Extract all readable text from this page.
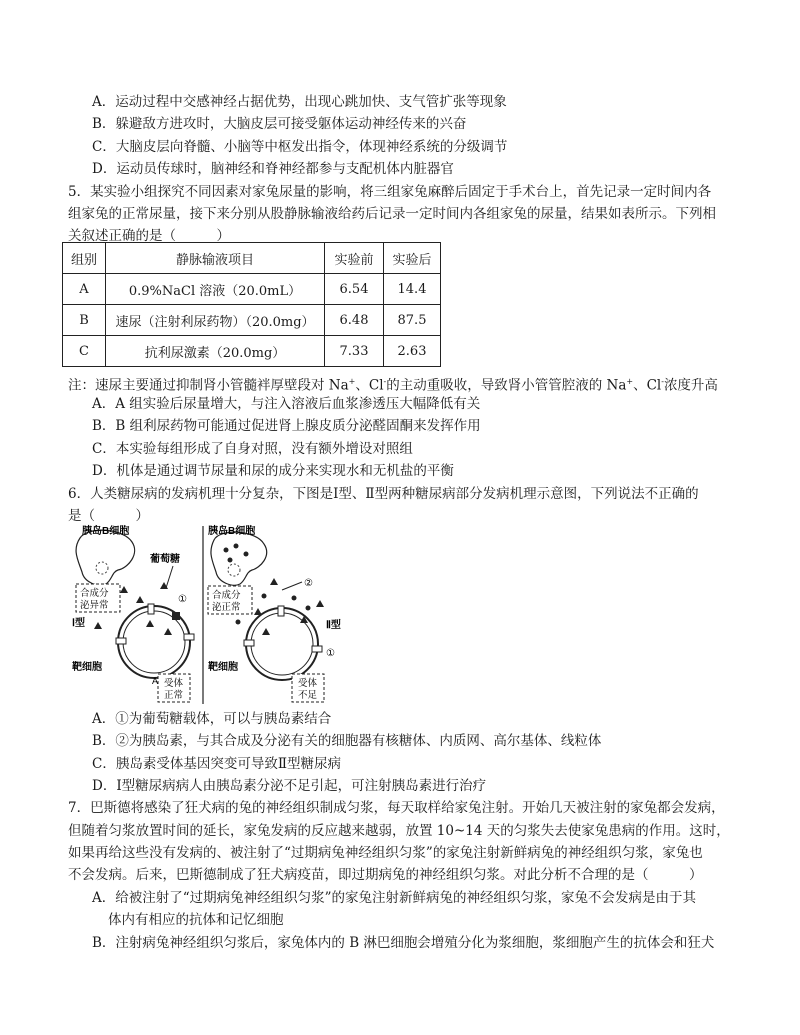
A．运动过程中交感神经占据优势，出现心跳加快、支气管扩张等现象
B．躲避敌方进攻时，大脑皮层可接受躯体运动神经传来的兴奋
C．大脑皮层向脊髓、小脑等中枢发出指令，体现神经系统的分级调节
D．运动员传球时，脑神经和脊神经都参与支配机体内脏器官
5．某实验小组探究不同因素对家兔尿量的影响，将三组家兔麻醉后固定于手术台上，首先记录一定时间内各
组家兔的正常尿量，接下来分别从股静脉输液给药后记录一定时间内各组家兔的尿量，结果如表所示。下列相
关叙述正确的是（　　　）
组别	静脉输液项目	实验前	实验后
A	0.9%NaCl 溶液（20.0mL）	6.54	14.4
B	速尿（注射利尿药物）（20.0mg）	6.48	87.5
C	抗利尿激素（20.0mg）	7.33	2.63
注：速尿主要通过抑制肾小管髓袢厚壁段对 Na+、Cl-的主动重吸收，导致肾小管管腔液的 Na+、Cl-浓度升高
A．A 组实验后尿量增大，与注入溶液后血浆渗透压大幅降低有关
B．B 组利尿药物可能通过促进肾上腺皮质分泌醛固酮来发挥作用
C．本实验每组形成了自身对照，没有额外增设对照组
D．机体是通过调节尿量和尿的成分来实现水和无机盐的平衡
6．人类糖尿病的发病机理十分复杂，下图是Ⅰ型、Ⅱ型两种糖尿病部分发病机理示意图，下列说法不正确的
是（　　　）
胰岛B细胞
葡萄糖
合成分
泌异常
Ⅰ型
①
A
靶细胞
受体
正常
胰岛B细胞
②
合成分
泌正常
Ⅱ型
①
靶细胞
受体
不足
A．①为葡萄糖载体，可以与胰岛素结合
B．②为胰岛素，与其合成及分泌有关的细胞器有核糖体、内质网、高尔基体、线粒体
C．胰岛素受体基因突变可导致Ⅱ型糖尿病
D．Ⅰ型糖尿病病人由胰岛素分泌不足引起，可注射胰岛素进行治疗
7．巴斯德将感染了狂犬病的兔的神经组织制成匀浆，每天取样给家兔注射。开始几天被注射的家兔都会发病，
但随着匀浆放置时间的延长，家兔发病的反应越来越弱，放置 10~14 天的匀浆失去使家兔患病的作用。这时，
如果再给这些没有发病的、被注射了“过期病兔神经组织匀浆”的家兔注射新鲜病兔的神经组织匀浆，家兔也
不会发病。后来，巴斯德制成了狂犬病疫苗，即过期病兔的神经组织匀浆。对此分析不合理的是（　　　）
A．给被注射了“过期病兔神经组织匀浆”的家兔注射新鲜病兔的神经组织匀浆，家兔不会发病是由于其
体内有相应的抗体和记忆细胞
B．注射病兔神经组织匀浆后，家兔体内的 B 淋巴细胞会增殖分化为浆细胞，浆细胞产生的抗体会和狂犬
